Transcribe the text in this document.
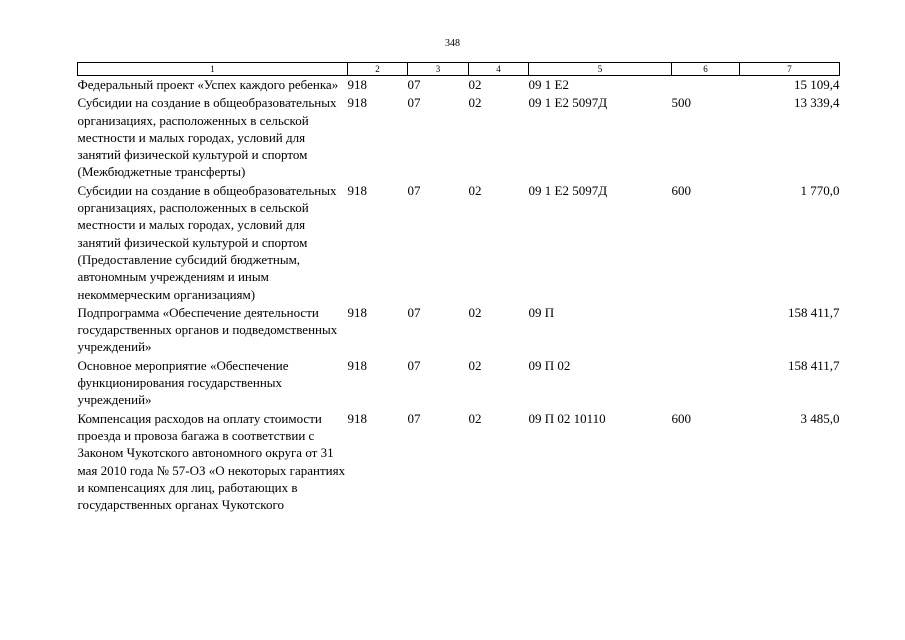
348
1	2	3	4	5	6	7
Федеральный проект «Успех каждого ребенка»	918	07	02	09 1 E2		15 109,4
Субсидии на создание в общеобразовательных организациях, расположенных в сельской местности и малых городах, условий для занятий физической культурой и спортом (Межбюджетные трансферты)	918	07	02	09 1 E2 5097Д	500	13 339,4
Субсидии на создание в общеобразовательных организациях, расположенных в сельской местности и малых городах, условий для занятий физической культурой и спортом (Предоставление субсидий бюджетным, автономным учреждениям и иным некоммерческим организациям)	918	07	02	09 1 E2 5097Д	600	1 770,0
Подпрограмма «Обеспечение деятельности государственных органов и подведомственных учреждений»	918	07	02	09 П		158 411,7
Основное мероприятие «Обеспечение функционирования государственных учреждений»	918	07	02	09 П 02		158 411,7
Компенсация расходов на оплату стоимости проезда и провоза багажа в соответствии с Законом Чукотского автономного округа от 31 мая 2010 года № 57-ОЗ «О некоторых гарантиях и компенсациях для лиц, работающих в государственных органах Чукотского	918	07	02	09 П 02 10110	600	3 485,0
